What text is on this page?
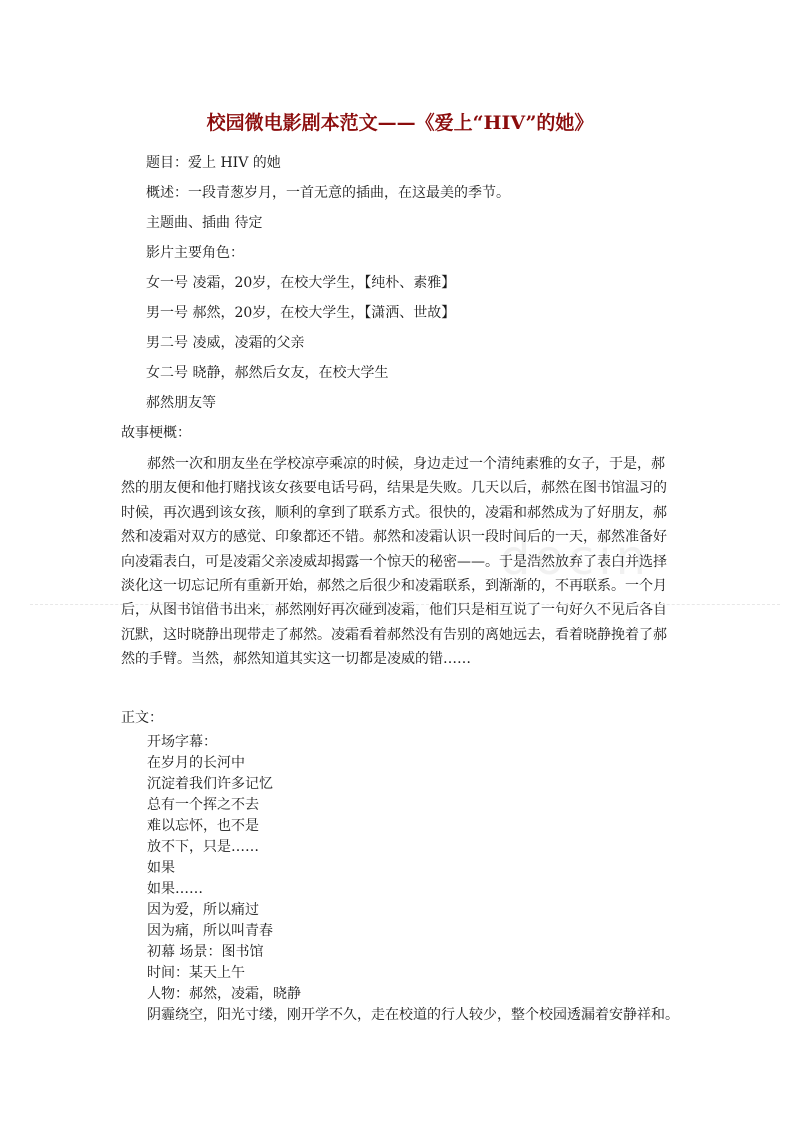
校园微电影剧本范文——《爱上“HIV”的她》

题目：爱上 HIV 的她

概述：一段青葱岁月，一首无意的插曲，在这最美的季节。

主题曲、插曲 待定

影片主要角色：

女一号 凌霜，20岁，在校大学生，【纯朴、素雅】

男一号 郝然，20岁，在校大学生，【潇洒、世故】

男二号 凌威，凌霜的父亲

女二号 晓静，郝然后女友，在校大学生

郝然朋友等

故事梗概：

郝然一次和朋友坐在学校凉亭乘凉的时候，身边走过一个清纯素雅的女子，于是，郝
然的朋友便和他打赌找该女孩要电话号码，结果是失败。几天以后，郝然在图书馆温习的
时候，再次遇到该女孩，顺利的拿到了联系方式。很快的，凌霜和郝然成为了好朋友，郝
然和凌霜对双方的感觉、印象都还不错。郝然和凌霜认识一段时间后的一天，郝然准备好
向凌霜表白，可是凌霜父亲凌威却揭露一个惊天的秘密——。于是浩然放弃了表白并选择
淡化这一切忘记所有重新开始，郝然之后很少和凌霜联系，到渐渐的，不再联系。一个月
后，从图书馆借书出来，郝然刚好再次碰到凌霜，他们只是相互说了一句好久不见后各自
沉默，这时晓静出现带走了郝然。凌霜看着郝然没有告别的离她远去，看着晓静挽着了郝
然的手臂。当然，郝然知道其实这一切都是凌威的错……
docin

正文：

开场字幕：
在岁月的长河中
沉淀着我们许多记忆
总有一个挥之不去
难以忘怀，也不是
放不下，只是……
如果
如果……
因为爱，所以痛过
因为痛，所以叫青春
初幕 场景：图书馆
时间：某天上午
人物：郝然，凌霜，晓静
阴霾绕空，阳光寸缕，刚开学不久，走在校道的行人较少，整个校园透漏着安静祥和。
